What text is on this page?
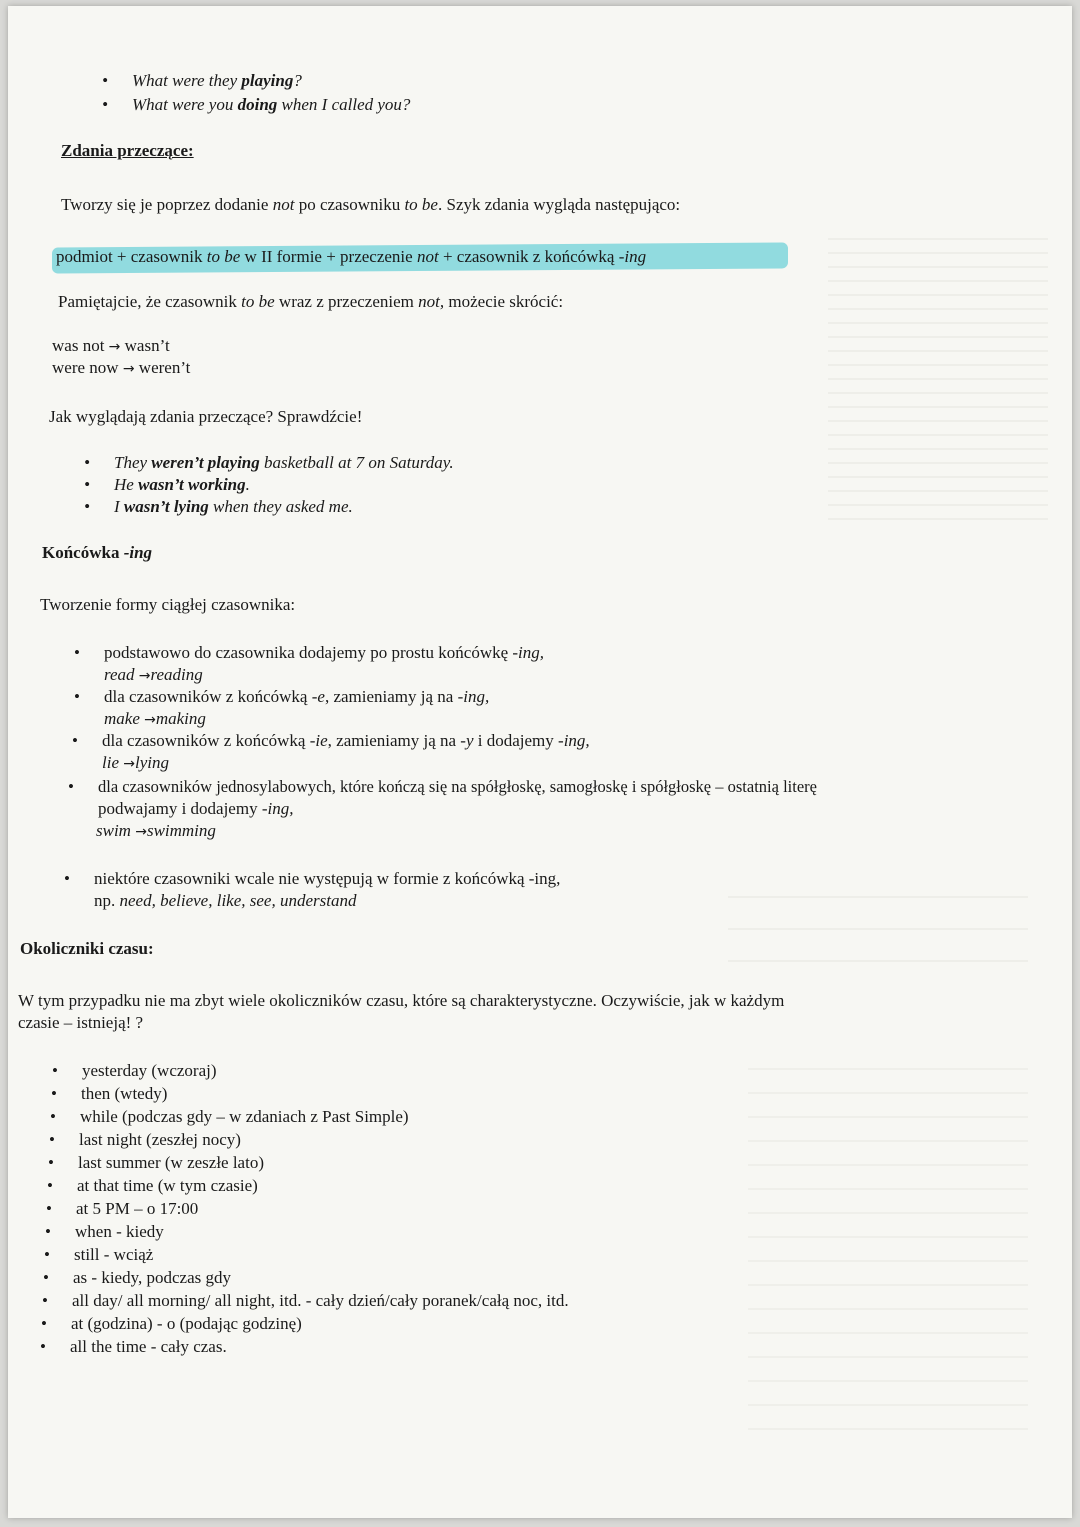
• What were they playing?
• What were you doing when I called you?
Zdania przeczące:
Tworzy się je poprzez dodanie not po czasowniku to be. Szyk zdania wygląda następująco:
podmiot + czasownik to be w II formie + przeczenie not + czasownik z końcówką -ing
Pamiętajcie, że czasownik to be wraz z przeczeniem not, możecie skrócić:
was not → wasn’t
were now → weren’t
Jak wyglądają zdania przeczące? Sprawdźcie!
• They weren’t playing basketball at 7 on Saturday.
• He wasn’t working.
• I wasn’t lying when they asked me.
Końcówka -ing
Tworzenie formy ciągłej czasownika:
• podstawowo do czasownika dodajemy po prostu końcówkę -ing,
read →reading
• dla czasowników z końcówką -e, zamieniamy ją na -ing,
make →making
• dla czasowników z końcówką -ie, zamieniamy ją na -y i dodajemy -ing,
lie →lying
• dla czasowników jednosylabowych, które kończą się na spółgłoskę, samogłoskę i spółgłoskę – ostatnią literę
podwajamy i dodajemy -ing,
swim →swimming
• niektóre czasowniki wcale nie występują w formie z końcówką -ing,
np. need, believe, like, see, understand
Okoliczniki czasu:
W tym przypadku nie ma zbyt wiele okoliczników czasu, które są charakterystyczne. Oczywiście, jak w każdym
czasie – istnieją! ?
• yesterday (wczoraj)
• then (wtedy)
• while (podczas gdy – w zdaniach z Past Simple)
• last night (zeszłej nocy)
• last summer (w zeszłe lato)
• at that time (w tym czasie)
• at 5 PM – o 17:00
• when - kiedy
• still - wciąż
• as - kiedy, podczas gdy
• all day/ all morning/ all night, itd. - cały dzień/cały poranek/całą noc, itd.
• at (godzina) - o (podając godzinę)
• all the time - cały czas.
